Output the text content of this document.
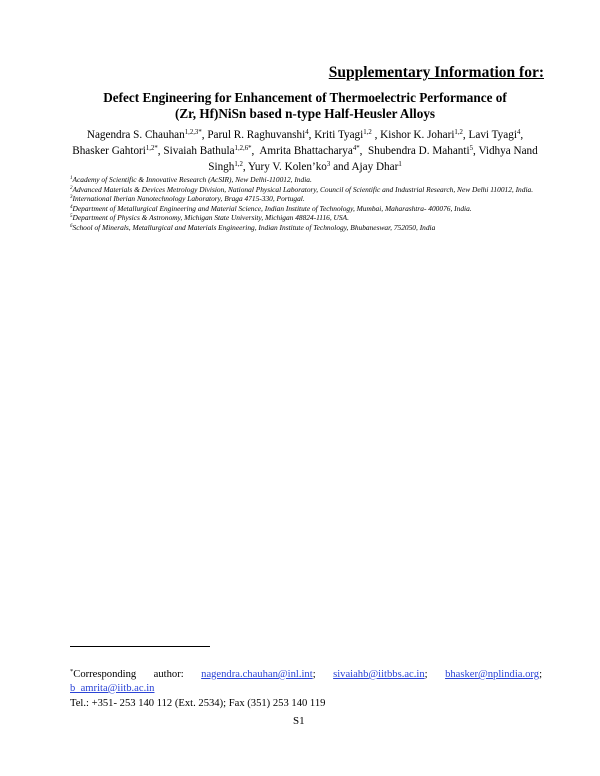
Supplementary Information for:
Defect Engineering for Enhancement of Thermoelectric Performance of
(Zr, Hf)NiSn based n-type Half-Heusler Alloys
Nagendra S. Chauhan$^{1,2,3*}$, Parul R. Raghuvanshi$^4$, Kriti Tyagi$^{1,2}$ , Kishor K. Johari$^{1,2}$, Lavi Tyagi$^4$, Bhasker Gahtori$^{1,2*}$, Sivaiah Bathula$^{1,2,6*}$,  Amrita Bhattacharya$^{4*}$,  Shubendra D. Mahanti$^5$, Vidhya Nand Singh$^{1,2}$, Yury V. $Kolen’ko^3$ and Ajay Dhar$^1$
$^1$Academy of Scientific & Innovative Research (AcSIR), New Delhi-110012, India.
$^2$Advanced Materials & Devices Metrology Division, National Physical Laboratory, Council of Scientific and Industrial Research, New Delhi 110012, India.
$^3$International Iberian Nanotechnology Laboratory, Braga 4715-330, Portugal.
$^4$Department of Metallurgical Engineering and Material Science, Indian Institute of Technology, Mumbai, Maharashtra- 400076, India.
$^5$Department of Physics & Astronomy, Michigan State University, Michigan 48824-1116, USA.
$^6$School of Minerals, Metallurgical and Materials Engineering, Indian Institute of Technology, Bhubaneswar, 752050, India
*Corresponding author: nagendra.chauhan@inl.int; sivaiahb@iitbbs.ac.in; bhasker@nplindia.org; b_amrita@iitb.ac.in
Tel.: +351- 253 140 112 (Ext. 2534); Fax (351) 253 140 119
S1
